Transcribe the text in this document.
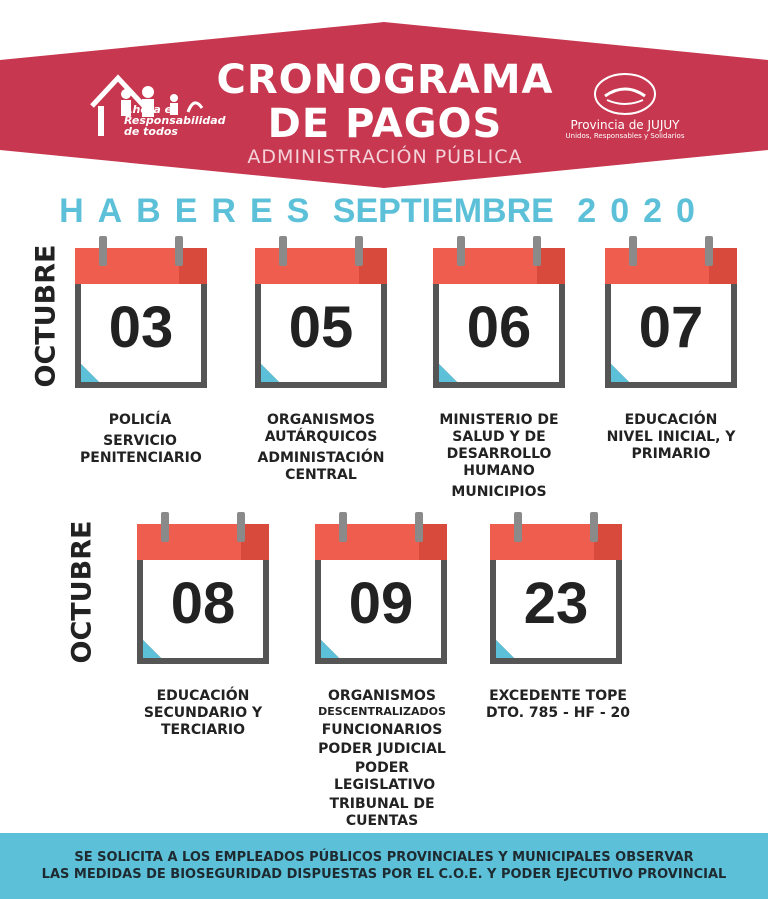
Ahora es
Responsabilidad
de todos
CRONOGRAMA
DE PAGOS
ADMINISTRACIÓN PÚBLICA
Provincia de JUJUY
Unidos, Responsables y Solidarios
HABERES SEPTIEMBRE 2020
OCTUBRE 03	05	06	07
POLICÍA
SERVICIO PENITENCIARIO
ORGANISMOS AUTÁRQUICOS
ADMINISTACIÓN CENTRAL
MINISTERIO DE SALUD Y DE DESARROLLO HUMANO
MUNICIPIOS
EDUCACIÓN NIVEL INICIAL, Y PRIMARIO
OCTUBRE	08	09	23
EDUCACIÓN SECUNDARIO Y TERCIARIO
ORGANISMOS
DESCENTRALIZADOS
FUNCIONARIOS
PODER JUDICIAL
PODER LEGISLATIVO
TRIBUNAL DE CUENTAS
EXCEDENTE TOPE DTO. 785 - HF - 20
SE SOLICITA A LOS EMPLEADOS PÚBLICOS PROVINCIALES Y MUNICIPALES OBSERVAR
LAS MEDIDAS DE BIOSEGURIDAD DISPUESTAS POR EL C.O.E. Y PODER EJECUTIVO PROVINCIAL
